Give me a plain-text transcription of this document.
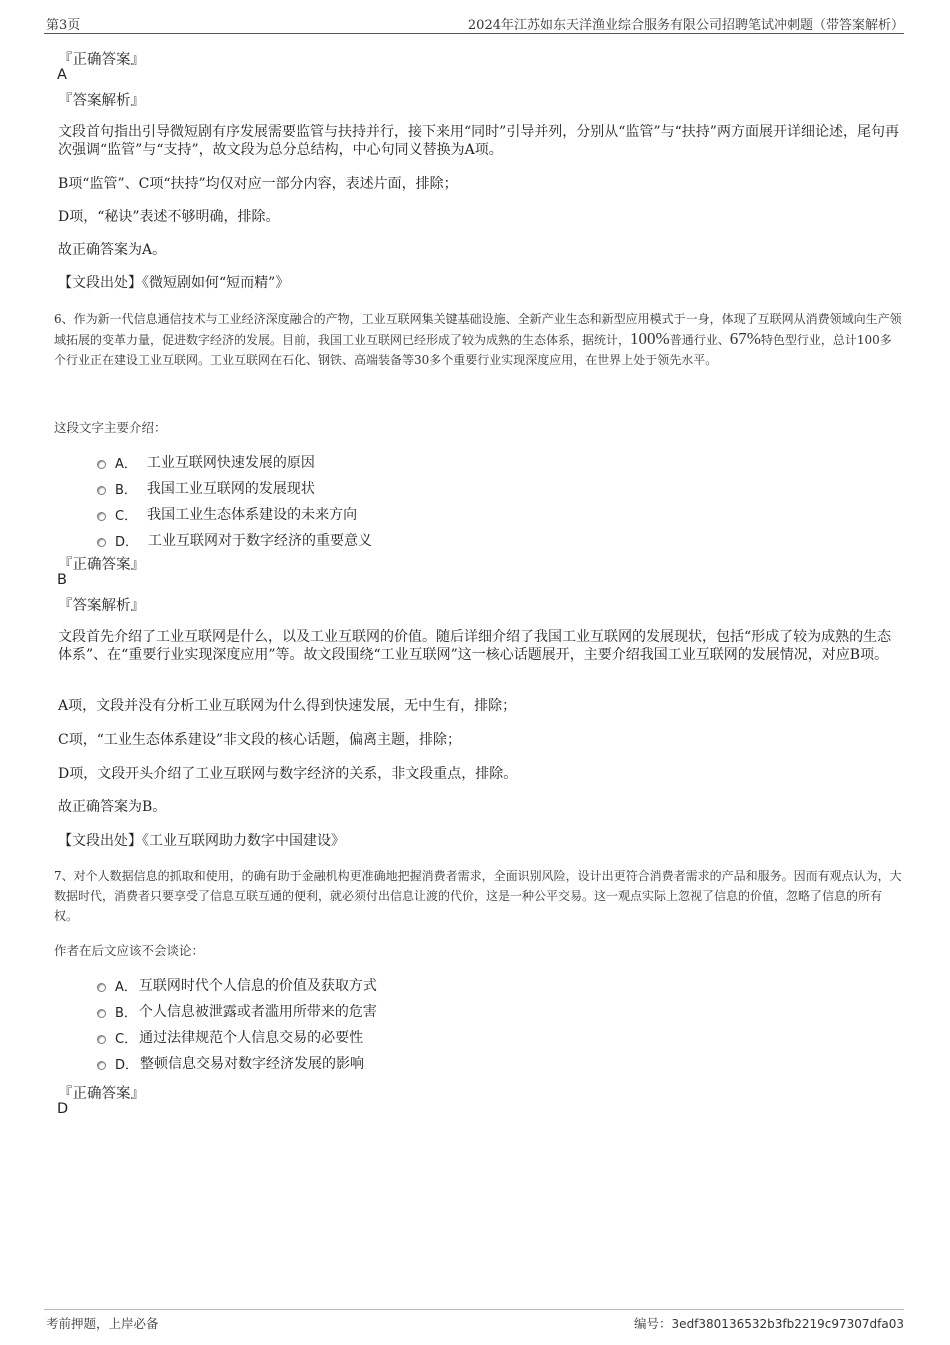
第3页	2024年江苏如东天洋渔业综合服务有限公司招聘笔试冲刺题（带答案解析）
『正确答案』
A
『答案解析』
文段首句指出引导微短剧有序发展需要监管与扶持并行，接下来用“同时”引导并列，分别从“监管”与“扶持”两方面展开详细论述，尾句再次强调“监管”与“支持”，故文段为总分总结构，中心句同义替换为A项。
B项“监管”、C项“扶持”均仅对应一部分内容，表述片面，排除；
D项，“秘诀”表述不够明确，排除。
故正确答案为A。
【文段出处】《微短剧如何“短而精”》
6、作为新一代信息通信技术与工业经济深度融合的产物，工业互联网集关键基础设施、全新产业生态和新型应用模式于一身，体现了互联网从消费领域向生产领域拓展的变革力量，促进数字经济的发展。目前，我国工业互联网已经形成了较为成熟的生态体系，据统计，100%普通行业、67%特色型行业，总计100多个行业正在建设工业互联网。工业互联网在石化、钢铁、高端装备等30多个重要行业实现深度应用，在世界上处于领先水平。
这段文字主要介绍：
A． 工业互联网快速发展的原因
B． 我国工业互联网的发展现状
C． 我国工业生态体系建设的未来方向
D． 工业互联网对于数字经济的重要意义
『正确答案』
B
『答案解析』
文段首先介绍了工业互联网是什么，以及工业互联网的价值。随后详细介绍了我国工业互联网的发展现状，包括“形成了较为成熟的生态体系”、在“重要行业实现深度应用”等。故文段围绕“工业互联网”这一核心话题展开，主要介绍我国工业互联网的发展情况，对应B项。
A项，文段并没有分析工业互联网为什么得到快速发展，无中生有，排除；
C项，“工业生态体系建设”非文段的核心话题，偏离主题，排除；
D项，文段开头介绍了工业互联网与数字经济的关系，非文段重点，排除。
故正确答案为B。
【文段出处】《工业互联网助力数字中国建设》
7、对个人数据信息的抓取和使用，的确有助于金融机构更准确地把握消费者需求，全面识别风险，设计出更符合消费者需求的产品和服务。因而有观点认为，大数据时代，消费者只要享受了信息互联互通的便利，就必须付出信息让渡的代价，这是一种公平交易。这一观点实际上忽视了信息的价值，忽略了信息的所有权。
作者在后文应该不会谈论：
A． 互联网时代个人信息的价值及获取方式
B． 个人信息被泄露或者滥用所带来的危害
C． 通过法律规范个人信息交易的必要性
D． 整顿信息交易对数字经济发展的影响
『正确答案』
D
考前押题，上岸必备	编号：3edf380136532b3fb2219c97307dfa03
